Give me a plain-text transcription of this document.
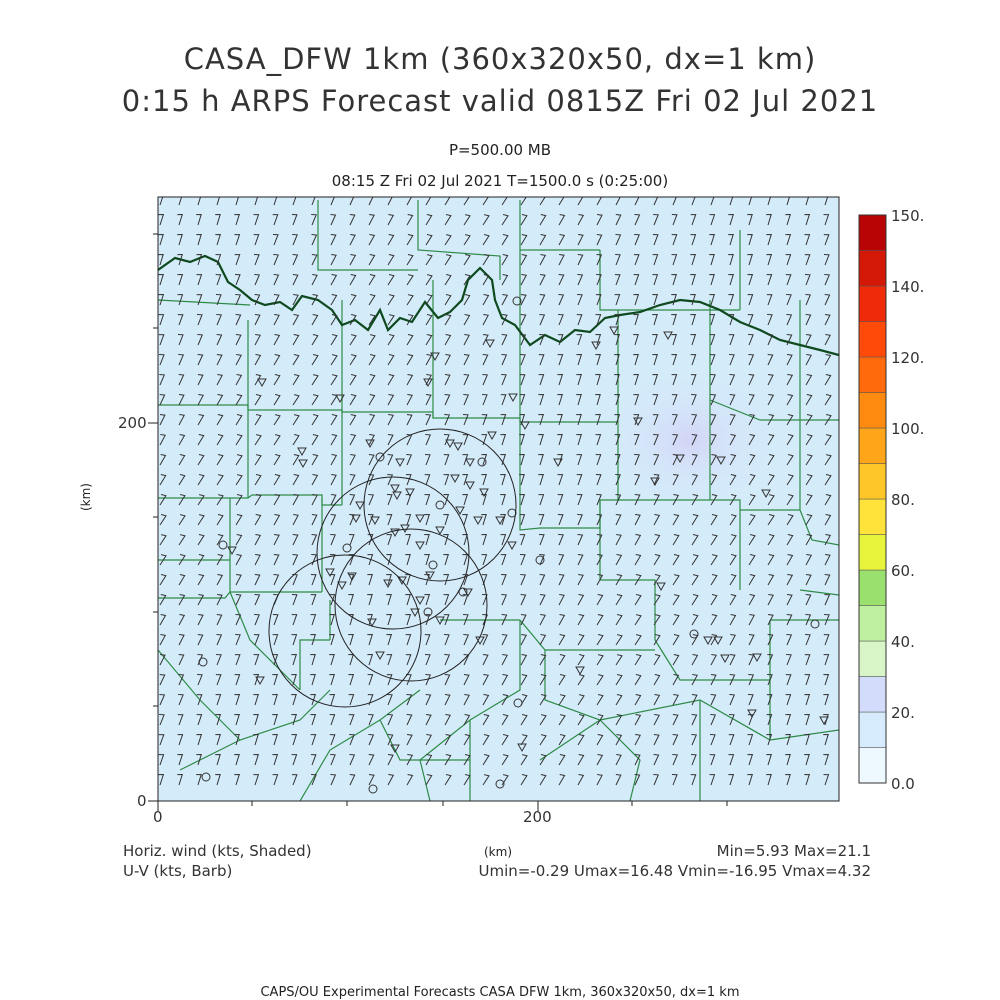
CASA_DFW 1km (360x320x50, dx=1 km)
0:15 h ARPS Forecast valid 0815Z Fri 02 Jul 2021
P=500.00 MB
08:15 Z Fri 02 Jul 2021 T=1500.0 s (0:25:00)
0	200
0
200
(km)
(km)
0.0
20.
40.
60.
80.
100.
120.
140.
150.
Horiz. wind (kts, Shaded)
U-V (kts, Barb)
Min=5.93 Max=21.1
Umin=-0.29 Umax=16.48 Vmin=-16.95 Vmax=4.32
CAPS/OU Experimental Forecasts CASA DFW 1km, 360x320x50, dx=1 km
